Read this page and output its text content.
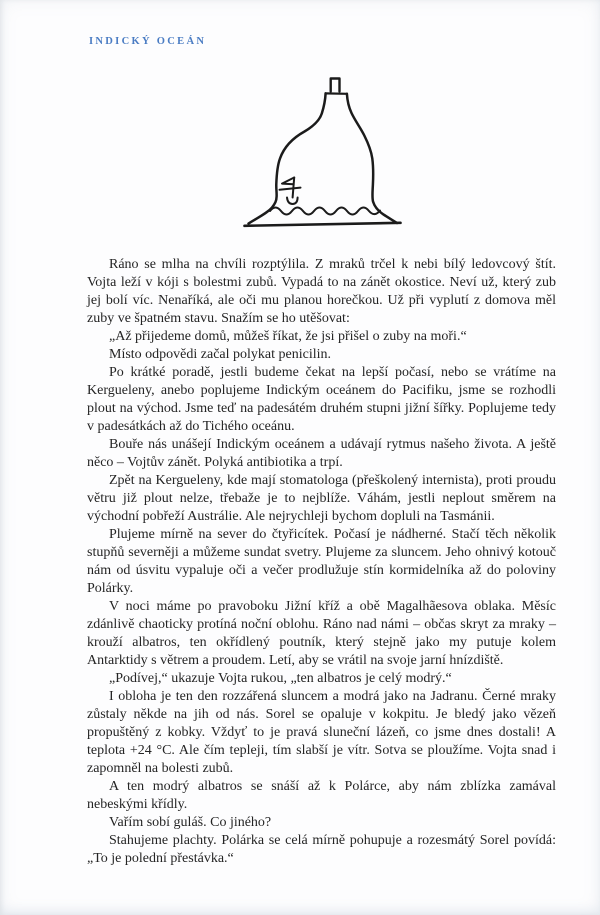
INDICKÝ OCEÁN

Ráno se mlha na chvíli rozptýlila. Z mraků trčel k nebi bílý ledovcový štít. Vojta leží v kóji s bolestmi zubů. Vypadá to na zánět okostice. Neví už, který zub jej bolí víc. Nenaříká, ale oči mu planou horečkou. Už při vyplutí z domova měl zuby ve špatném stavu. Snažím se ho utěšovat:

„Až přijedeme domů, můžeš říkat, že jsi přišel o zuby na moři.“

Místo odpovědi začal polykat penicilin.

Po krátké poradě, jestli budeme čekat na lepší počasí, nebo se vrátíme na Kergueleny, anebo poplujeme Indickým oceánem do Pacifiku, jsme se rozhodli plout na východ. Jsme teď na padesátém druhém stupni jižní šířky. Poplujeme tedy v padesátkách až do Tichého oceánu.

Bouře nás unášejí Indickým oceánem a udávají rytmus našeho života. A ještě něco – Vojtův zánět. Polyká antibiotika a trpí.

Zpět na Kergueleny, kde mají stomatologa (přeškolený internista), proti proudu větru již plout nelze, třebaže je to nejblíže. Váhám, jestli neplout směrem na východní pobřeží Austrálie. Ale nejrychleji bychom dopluli na Tasmánii.

Plujeme mírně na sever do čtyřicítek. Počasí je nádherné. Stačí těch několik stupňů severněji a můžeme sundat svetry. Plujeme za sluncem. Jeho ohnivý kotouč nám od úsvitu vypaluje oči a večer prodlužuje stín kormidelníka až do poloviny Polárky.

V noci máme po pravoboku Jižní kříž a obě Magalhãesova oblaka. Měsíc zdánlivě chaoticky protíná noční oblohu. Ráno nad námi – občas skryt za mraky – krouží albatros, ten okřídlený poutník, který stejně jako my putuje kolem Antarktidy s větrem a proudem. Letí, aby se vrátil na svoje jarní hnízdiště.

„Podívej,“ ukazuje Vojta rukou, „ten albatros je celý modrý.“

I obloha je ten den rozzářená sluncem a modrá jako na Jadranu. Černé mraky zůstaly někde na jih od nás. Sorel se opaluje v kokpitu. Je bledý jako vězeň propuštěný z kobky. Vždyť to je pravá sluneční lázeň, co jsme dnes dostali! A teplota +24 °C. Ale čím tepleji, tím slabší je vítr. Sotva se ploužíme. Vojta snad i zapomněl na bolesti zubů.

A ten modrý albatros se snáší až k Polárce, aby nám zblízka zamával nebeskými křídly.

Vařím sobí guláš. Co jiného?

Stahujeme plachty. Polárka se celá mírně pohupuje a rozesmátý Sorel povídá: „To je polední přestávka.“
